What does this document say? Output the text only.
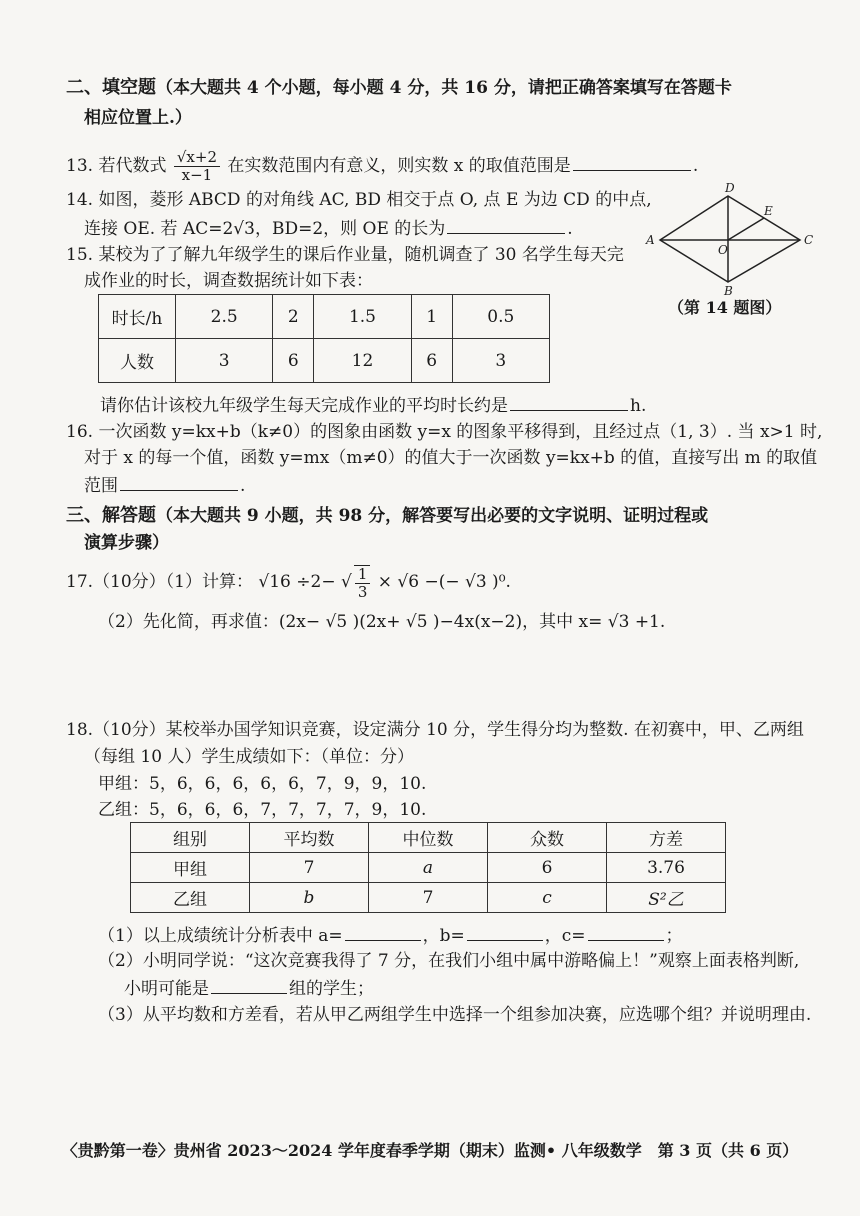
二、填空题（本大题共 4 个小题，每小题 4 分，共 16 分，请把正确答案填写在答题卡
相应位置上.）
13. 若代数式 $\frac{√x+2}{x-1}$ 在实数范围内有意义，则实数 x 的取值范围是	.
14. 如图，菱形 ABCD 的对角线 AC, BD 相交于点 O, 点 E 为边 CD 的中点,
连接 OE. 若 AC=2√3，BD=2，则 OE 的长为	.
A
D
C
B
E
O
（第 14 题图）
15. 某校为了了解九年级学生的课后作业量，随机调查了 30 名学生每天完
成作业的时长，调查数据统计如下表：
时长/h	2.5	2	1.5	1	0.5
人数	3	6	12	6	3
请你估计该校九年级学生每天完成作业的平均时长约是	h.
16. 一次函数 y=kx+b（k≠0）的图象由函数 y=x 的图象平移得到，且经过点（1, 3）. 当 x>1 时,
对于 x 的每一个值，函数 y=mx（m≠0）的值大于一次函数 y=kx+b 的值，直接写出 m 的取值
范围	.
三、解答题（本大题共 9 小题，共 98 分，解答要写出必要的文字说明、证明过程或
演算步骤）
17.（10分）（1）计算： √16 ÷2− √ $\frac{1}{3} \times √6$ −(− √3 )⁰.
（2）先化简，再求值：(2x− √5 )(2x+ √5 )−4x(x−2)，其中 x= √3 +1.
18.（10分）某校举办国学知识竞赛，设定满分 10 分，学生得分均为整数. 在初赛中，甲、乙两组
（每组 10 人）学生成绩如下：（单位：分）
甲组：5，6，6，6，6，6，7，9，9，10.
乙组：5，6，6，6，7，7，7，7，9，10.
组别	平均数	中位数	众数	方差
甲组	7	a	6	3.76
乙组	b	7	c	S²乙
（1）以上成绩统计分析表中 a=	，b=	，c=	；
（2）小明同学说：“这次竞赛我得了 7 分，在我们小组中属中游略偏上！”观察上面表格判断,
小明可能是	组的学生；
（3）从平均数和方差看，若从甲乙两组学生中选择一个组参加决赛，应选哪个组？并说明理由.
〈贵黔第一卷〉贵州省 2023～2024 学年度春季学期（期末）监测• 八年级数学　第 3 页（共 6 页）
